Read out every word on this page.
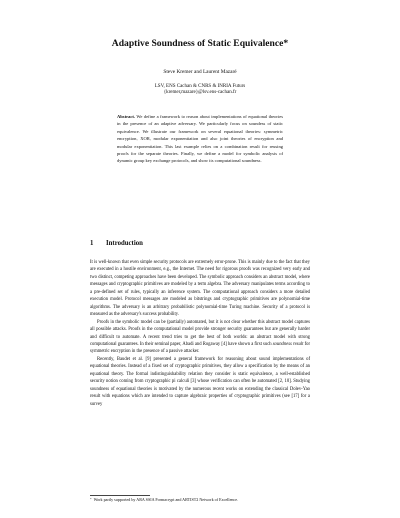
Adaptive Soundness of Static Equivalence*
Steve Kremer and Laurent Mazaré
LSV, ENS Cachan & CNRS & INRIA Futurs
{kremer,mazare}@lsv.ens-cachan.fr
Abstract. We define a framework to reason about implementations of equational theories in the presence of an adaptive adversary. We particularly focus on soundess of static equivalence. We illustrate our framework on several equational theories: symmetric encryption, XOR, modular exponentiation and also joint theories of encryption and modular exponentiation. This last example relies on a combination result for reusing proofs for the separate theories. Finally, we define a model for symbolic analysis of dynamic group key exchange protocols, and show its computational soundness.
1 Introduction

It is well-known that even simple security protocols are extremely error-prone. This is mainly due to the fact that they are executed in a hostile environment, e.g., the Internet. The need for rigorous proofs was recognized very early and two distinct, competing approaches have been developed. The symbolic approach considers an abstract model, where messages and cryptographic primitives are modeled by a term algebra. The adversary manipulates terms according to a pre-defined set of rules, typically an inference system. The computational approach considers a more detailed execution model. Protocol messages are modeled as bitstrings and cryptographic primitives are polynomial-time algorithms. The adversary is an arbitrary probabilistic polynomial-time Turing machine. Security of a protocol is measured as the adversary's success probability.

Proofs in the symbolic model can be (partially) automated, but it is not clear whether this abstract model captures all possible attacks. Proofs in the computational model provide stronger security guarantees but are generally harder and difficult to automate. A recent trend tries to get the best of both worlds: an abstract model with strong computational guarantees. In their seminal paper, Abadi and Rogaway [4] have shown a first such soundness result for symmetric encryption in the presence of a passive attacker.

Recently, Baudet et al. [9] presented a general framework for reasoning about sound implementations of equational theories. Instead of a fixed set of cryptographic primitives, they allow a specification by the means of an equational theory. The formal indistinguishability relation they consider is static equivalence, a well-established security notion coming from cryptographic pi calculi [3] whose verification can often be automated [2, 10]. Studying soundness of equational theories is motivated by the numerous recent works on extending the classical Dolev-Yao result with equations which are intended to capture algebraic properties of cryptographic primitives (see [17] for a survey

* Work partly supported by ARA SSIA Formacrypt and ARTIST2 Network of Excellence.
